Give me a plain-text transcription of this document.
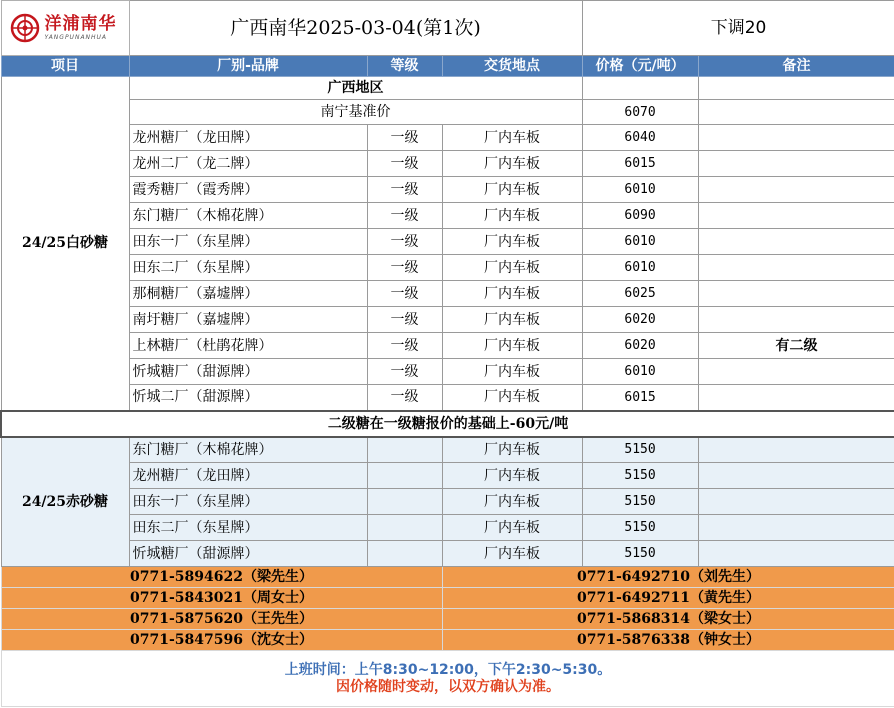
洋浦南华
YANGPUNANHUA	广西南华2025-03-04(第1次)			下调20	
项目	厂别-品牌	等级	交货地点	价格（元/吨）	备注
24/25白砂糖	广西地区				
	南宁基准价			6070	
	龙州糖厂（龙田牌）	一级	厂内车板	6040	
	龙州二厂（龙二牌）	一级	厂内车板	6015	
	霞秀糖厂（霞秀牌）	一级	厂内车板	6010	
	东门糖厂（木棉花牌）	一级	厂内车板	6090	
	田东一厂（东星牌）	一级	厂内车板	6010	
	田东二厂（东星牌）	一级	厂内车板	6010	
	那桐糖厂（嘉墟牌）	一级	厂内车板	6025	
	南圩糖厂（嘉墟牌）	一级	厂内车板	6020	
	上林糖厂（杜鹃花牌）	一级	厂内车板	6020	有二级
	忻城糖厂（甜源牌）	一级	厂内车板	6010	
	忻城二厂（甜源牌）	一级	厂内车板	6015	
二级糖在一级糖报价的基础上-60元/吨					
24/25赤砂糖	东门糖厂（木棉花牌）		厂内车板	5150	
	龙州糖厂（龙田牌）		厂内车板	5150	
	田东一厂（东星牌）		厂内车板	5150	
	田东二厂（东星牌）		厂内车板	5150	
	忻城糖厂（甜源牌）		厂内车板	5150	
0771-5894622（梁先生）			0771-6492710（刘先生）		
0771-5843021（周女士）			0771-6492711（黄先生）		
0771-5875620（王先生）			0771-5868314（梁女士）		
0771-5847596（沈女士）			0771-5876338（钟女士）		

上班时间：上午8:30~12:00，下午2:30~5:30。
因价格随时变动，以双方确认为准。					
